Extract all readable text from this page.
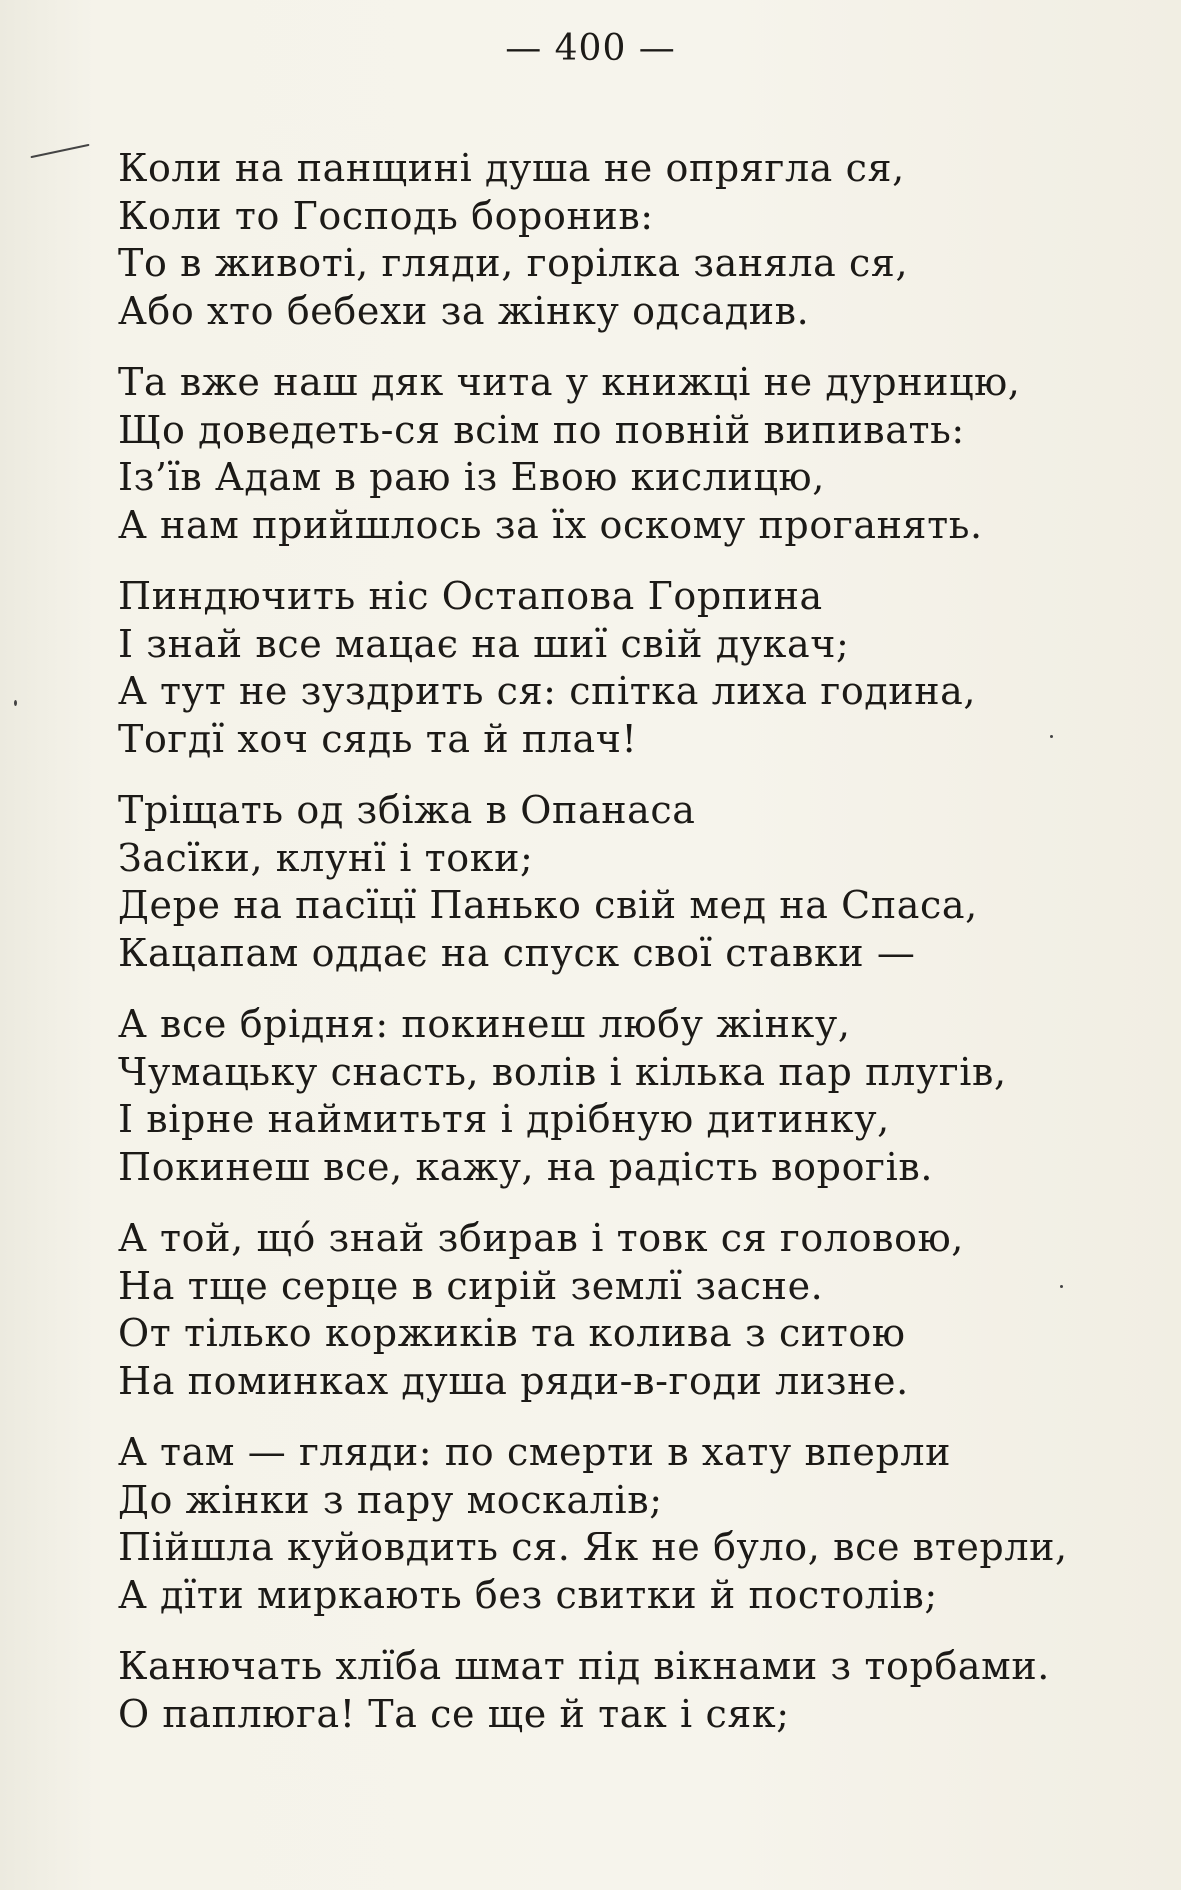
— 400 —
Коли на панщині душа не опрягла ся,
Коли то Господь боронив:
То в животі, гляди, горілка заняла ся,
Або хто бебехи за жінку одсадив.
Та вже наш дяк чита у книжці не дурницю,
Що доведеть-ся всім по повній випивать:
Із’їв Адам в раю із Евою кислицю,
А нам прийшлось за їх оскому проганять.
Пиндючить ніс Остапова Горпина
І знай все мацає на шиї свій дукач;
А тут не зуздрить ся: спітка лиха година,
Тогдї хоч сядь та й плач!
Тріщать од збіжа в Опанаса
Засїки, клунї і токи;
Дере на пасїцї Панько свій мед на Спаса,
Кацапам оддає на спуск свої ставки —
А все брідня: покинеш любу жінку,
Чумацьку снасть, волів і кілька пар плугів,
І вірне наймитьтя і дрібную дитинку,
Покинеш все, кажу, на радість ворогів.
А той, що́ знай збирав і товк ся головою,
На тще серце в сирій землї засне.
От тілько коржиків та колива з ситою
На поминках душа ряди-в-годи лизне.
А там — гляди: по смерти в хату вперли
До жінки з пару москалів;
Пійшла куйовдить ся. Як не було, все втерли,
А дїти миркають без свитки й постолів;
Канючать хлїба шмат під вікнами з торбами.
О паплюга! Та се ще й так і сяк;
